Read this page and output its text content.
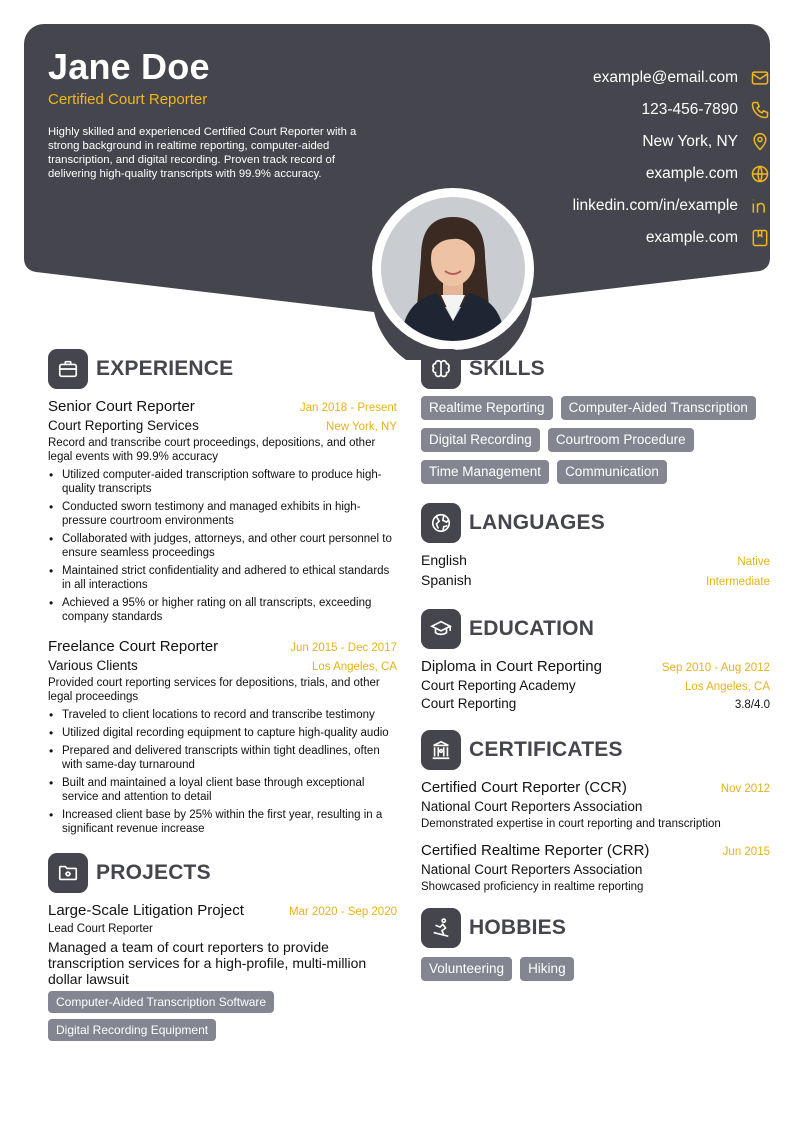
Jane Doe
Certified Court Reporter
Highly skilled and experienced Certified Court Reporter with a strong background in realtime reporting, computer-aided transcription, and digital recording. Proven track record of delivering high-quality transcripts with 99.9% accuracy.
example@email.com
123-456-7890
New York, NY
example.com
linkedin.com/in/example
example.com
EXPERIENCE
Senior Court Reporter	Jan 2018 - Present
Court Reporting Services	New York, NY
Record and transcribe court proceedings, depositions, and other legal events with 99.9% accuracy
• Utilized computer-aided transcription software to produce high-quality transcripts
• Conducted sworn testimony and managed exhibits in high-pressure courtroom environments
• Collaborated with judges, attorneys, and other court personnel to ensure seamless proceedings
• Maintained strict confidentiality and adhered to ethical standards in all interactions
• Achieved a 95% or higher rating on all transcripts, exceeding company standards
Freelance Court Reporter	Jun 2015 - Dec 2017
Various Clients	Los Angeles, CA
Provided court reporting services for depositions, trials, and other legal proceedings
• Traveled to client locations to record and transcribe testimony
• Utilized digital recording equipment to capture high-quality audio
• Prepared and delivered transcripts within tight deadlines, often with same-day turnaround
• Built and maintained a loyal client base through exceptional service and attention to detail
• Increased client base by 25% within the first year, resulting in a significant revenue increase
PROJECTS
Large-Scale Litigation Project	Mar 2020 - Sep 2020
Lead Court Reporter
Managed a team of court reporters to provide transcription services for a high-profile, multi-million dollar lawsuit
Computer-Aided Transcription Software
Digital Recording Equipment
SKILLS
Realtime Reporting	Computer-Aided Transcription
Digital Recording	Courtroom Procedure
Time Management	Communication
LANGUAGES
English	Native
Spanish	Intermediate
EDUCATION
Diploma in Court Reporting	Sep 2010 - Aug 2012
Court Reporting Academy	Los Angeles, CA
Court Reporting	3.8/4.0
CERTIFICATES
Certified Court Reporter (CCR)	Nov 2012
National Court Reporters Association
Demonstrated expertise in court reporting and transcription
Certified Realtime Reporter (CRR)	Jun 2015
National Court Reporters Association
Showcased proficiency in realtime reporting
HOBBIES
Volunteering	Hiking
